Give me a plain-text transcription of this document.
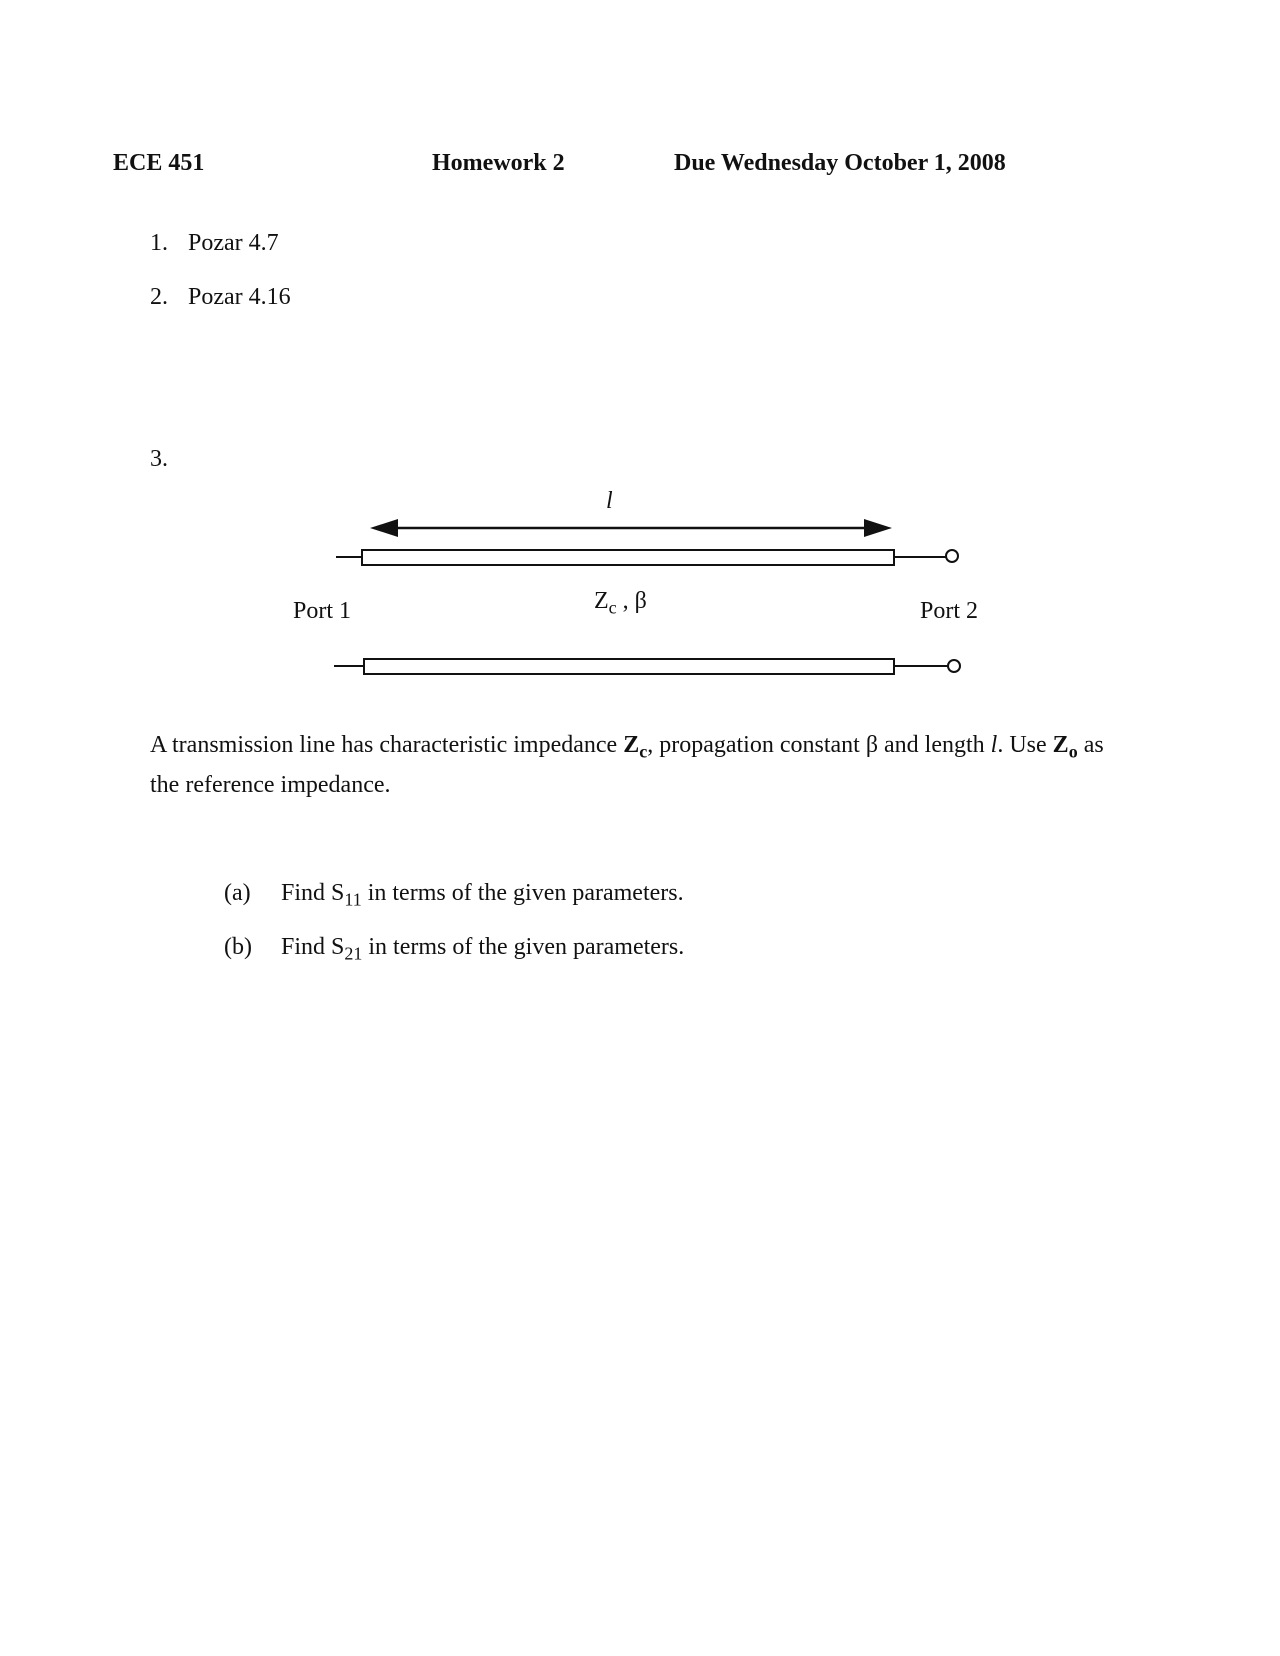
ECE 451	Homework 2	Due Wednesday October 1, 2008
1. Pozar 4.7
2. Pozar 4.16
3.
l
$Z_c$ , β
Port 1	Port 2
A transmission line has characteristic impedance $Z_c$, propagation constant β and length l. Use $Z_o$ as
the reference impedance.
(a) Find $S_{11}$ in terms of the given parameters.
(b) Find $S_{21}$ in terms of the given parameters.
